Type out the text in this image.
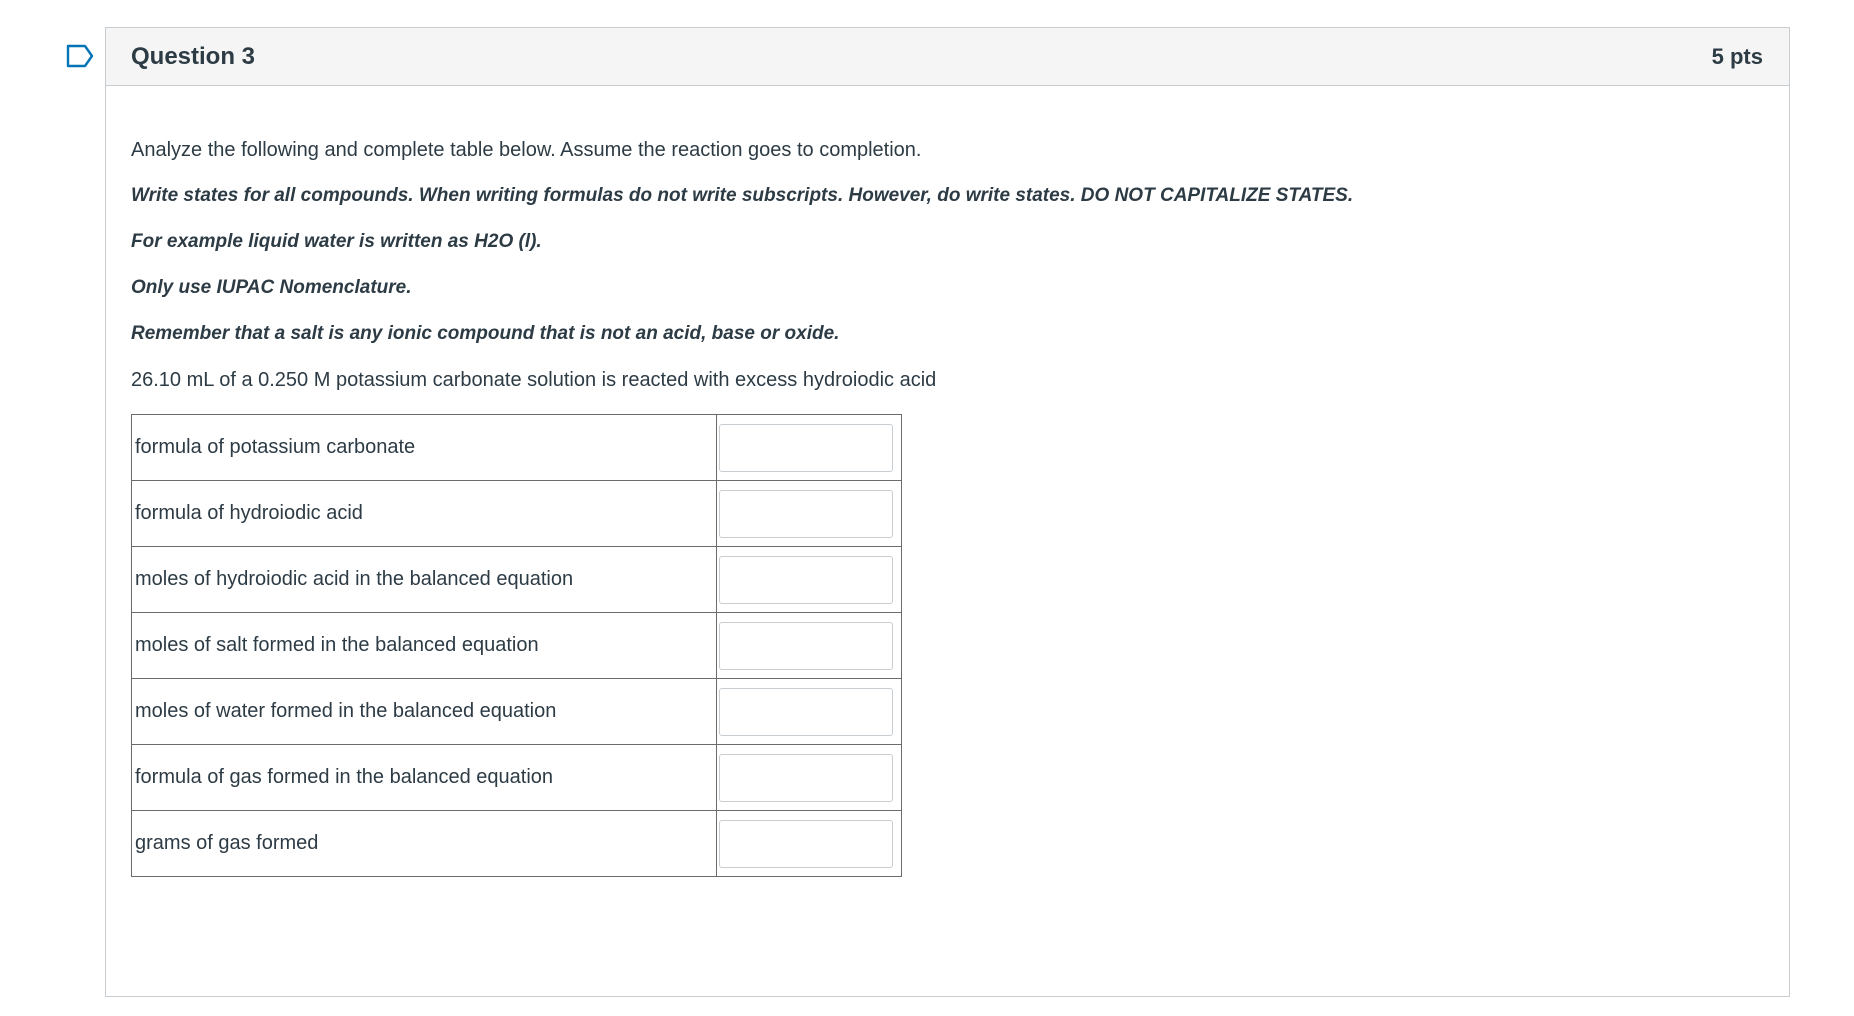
Question 3	5 pts

Analyze the following and complete table below. Assume the reaction goes to completion.

Write states for all compounds. When writing formulas do not write subscripts. However, do write states. DO NOT CAPITALIZE STATES.

For example liquid water is written as H2O (l).

Only use IUPAC Nomenclature.

Remember that a salt is any ionic compound that is not an acid, base or oxide.

26.10 mL of a 0.250 M potassium carbonate solution is reacted with excess hydroiodic acid

formula of potassium carbonate	

formula of hydroiodic acid	

moles of hydroiodic acid in the balanced equation	

moles of salt formed in the balanced equation	

moles of water formed in the balanced equation	

formula of gas formed in the balanced equation	

grams of gas formed	
